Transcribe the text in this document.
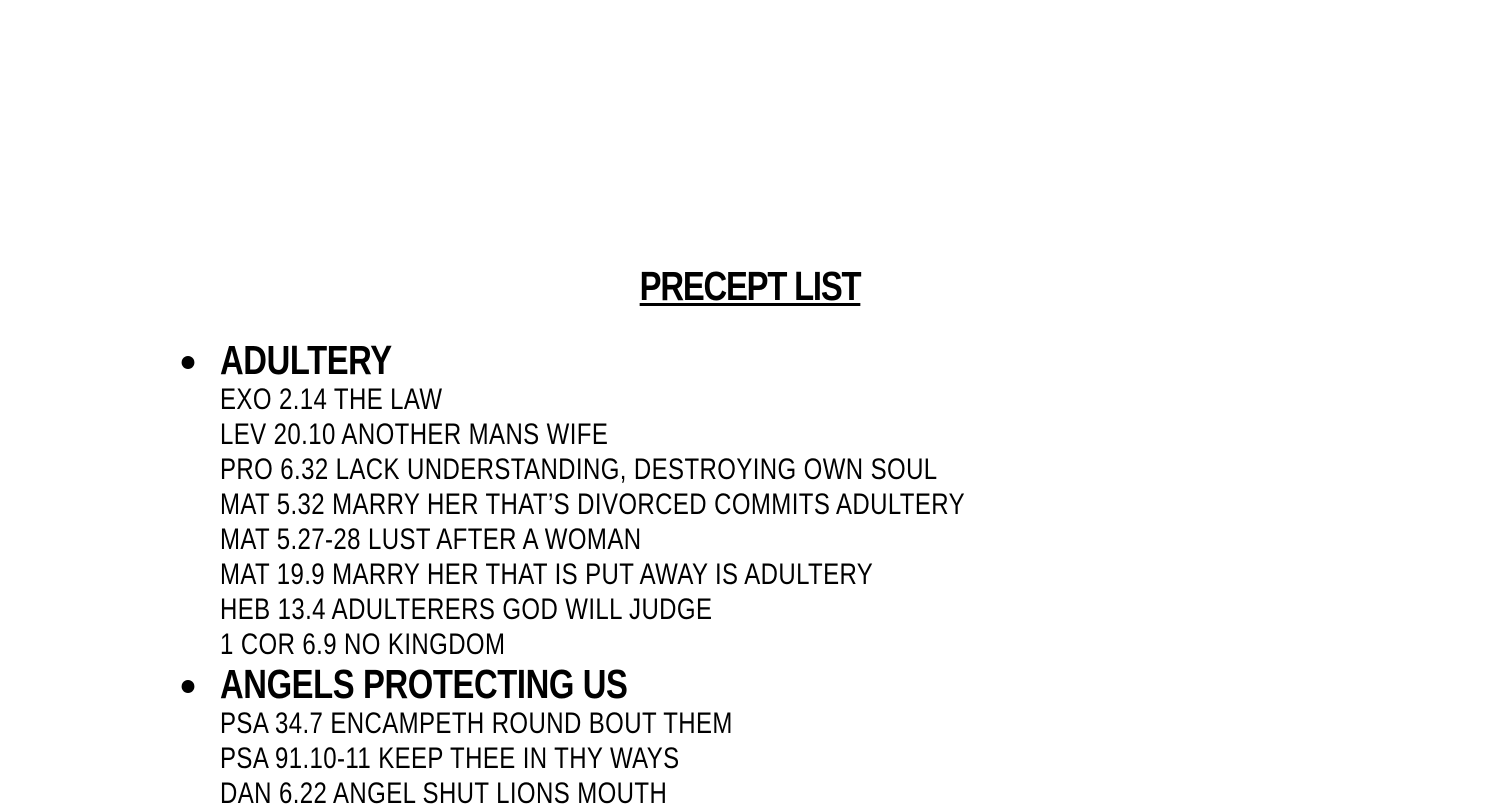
PRECEPT LIST
ADULTERY

EXO 2.14 THE LAW

LEV 20.10 ANOTHER MANS WIFE

PRO 6.32 LACK UNDERSTANDING, DESTROYING OWN SOUL

MAT 5.32 MARRY HER THAT’S DIVORCED COMMITS ADULTERY

MAT 5.27-28 LUST AFTER A WOMAN

MAT 19.9 MARRY HER THAT IS PUT AWAY IS ADULTERY

HEB 13.4 ADULTERERS GOD WILL JUDGE

1 COR 6.9 NO KINGDOM

ANGELS PROTECTING US

PSA 34.7 ENCAMPETH ROUND BOUT THEM

PSA 91.10-11 KEEP THEE IN THY WAYS

DAN 6.22 ANGEL SHUT LIONS MOUTH
